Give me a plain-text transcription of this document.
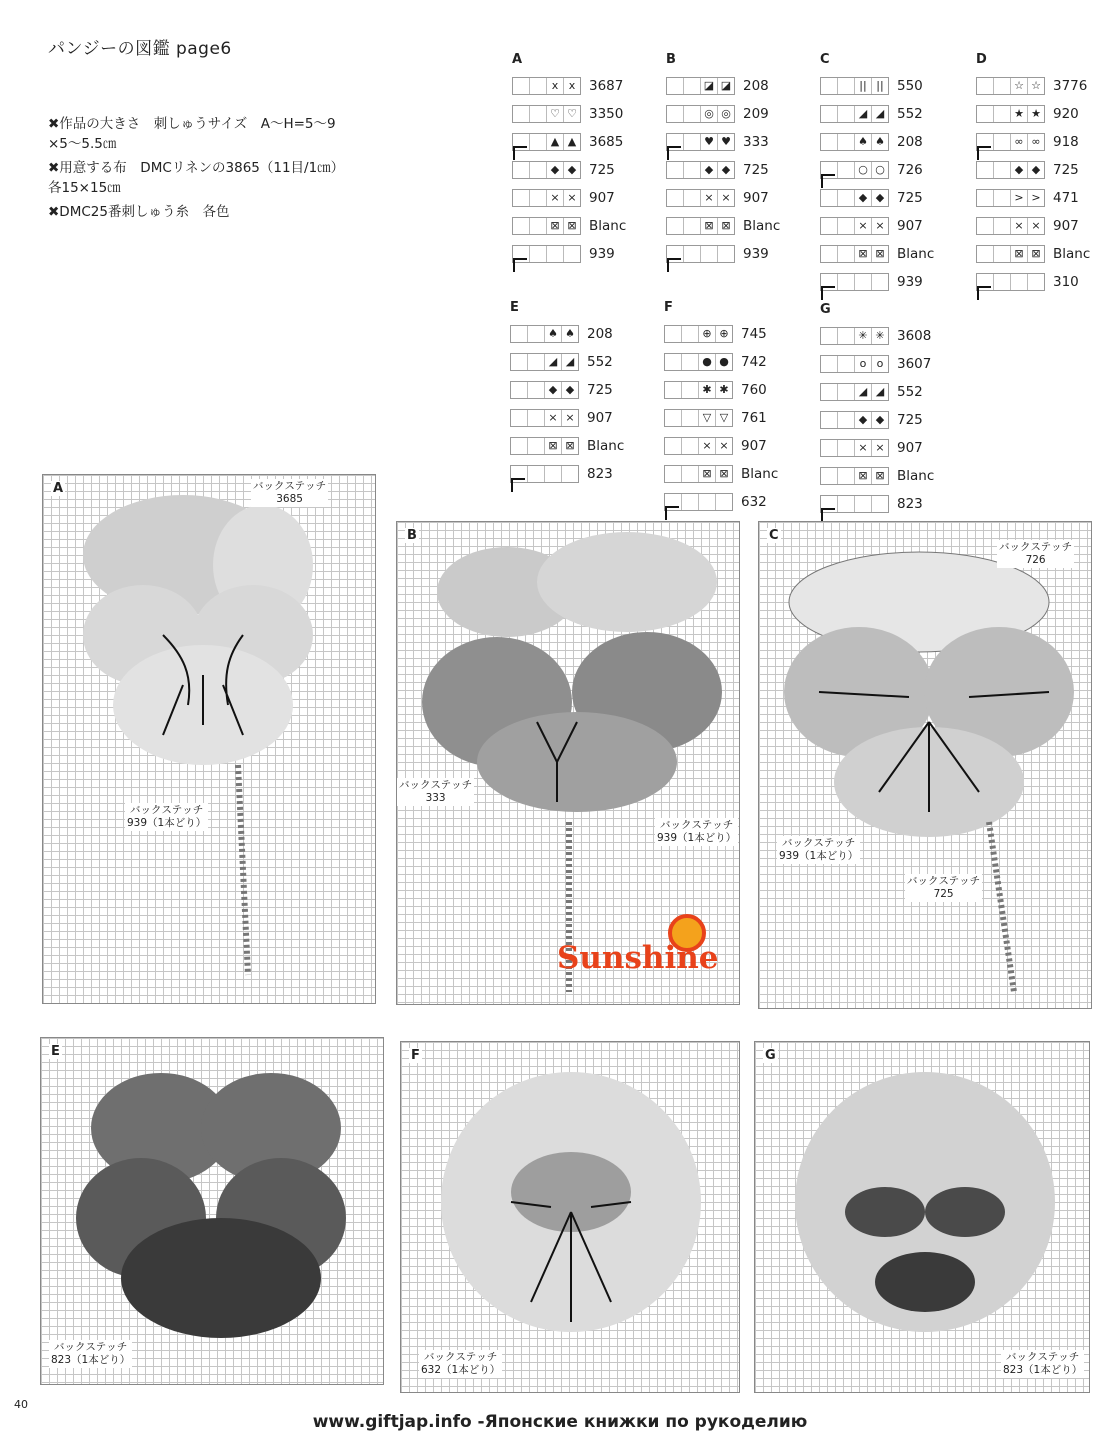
パンジーの図鑑 page6
✖作品の大きさ　刺しゅうサイズ　A〜H=5〜9
×5〜5.5㎝
✖用意する布　DMCリネンの3865（11目/1㎝）
各15×15㎝
✖DMC25番刺しゅう糸　各色
A
x x	3687
♡ ♡ 3350
▲ ▲ 3685
◆ ◆ 725
× × 907
⊠ ⊠ Blanc
939
B
◪ ◪ 208
◎ ◎ 209
♥ ♥ 333
◆ ◆ 725
× × 907
⊠ ⊠ Blanc
939
C
|| || 550
◢ ◢ 552
♠ ♠ 208
○ ○ 726
◆ ◆ 725
× × 907
⊠ ⊠ Blanc
939
D
☆ ☆ 3776
★ ★ 920
∞ ∞ 918
◆ ◆ 725
> > 471
× × 907
⊠ ⊠ Blanc
310
E
♠ ♠ 208
◢ ◢ 552
◆ ◆ 725
× × 907
⊠ ⊠ Blanc
823
F
⊕ ⊕ 745
● ● 742
✱ ✱ 760
▽ ▽ 761
× × 907
⊠ ⊠ Blanc
632
G
✳ ✳ 3608
o o	3607
◢ ◢ 552
◆ ◆ 725
× × 907
⊠ ⊠ Blanc
823
A	バックステッチ
3685
バックステッチ
939（1本どり）
B
バックステッチ
333
バックステッチ
939（1本どり）
C
バックステッチ
726
バックステッチ
939（1本どり）
バックステッチ
725
E
バックステッチ
823（1本どり）
F
バックステッチ
632（1本どり）
G
バックステッチ
823（1本どり）
Sunshine
40
www.giftjap.info -Японские книжки по рукоделию
